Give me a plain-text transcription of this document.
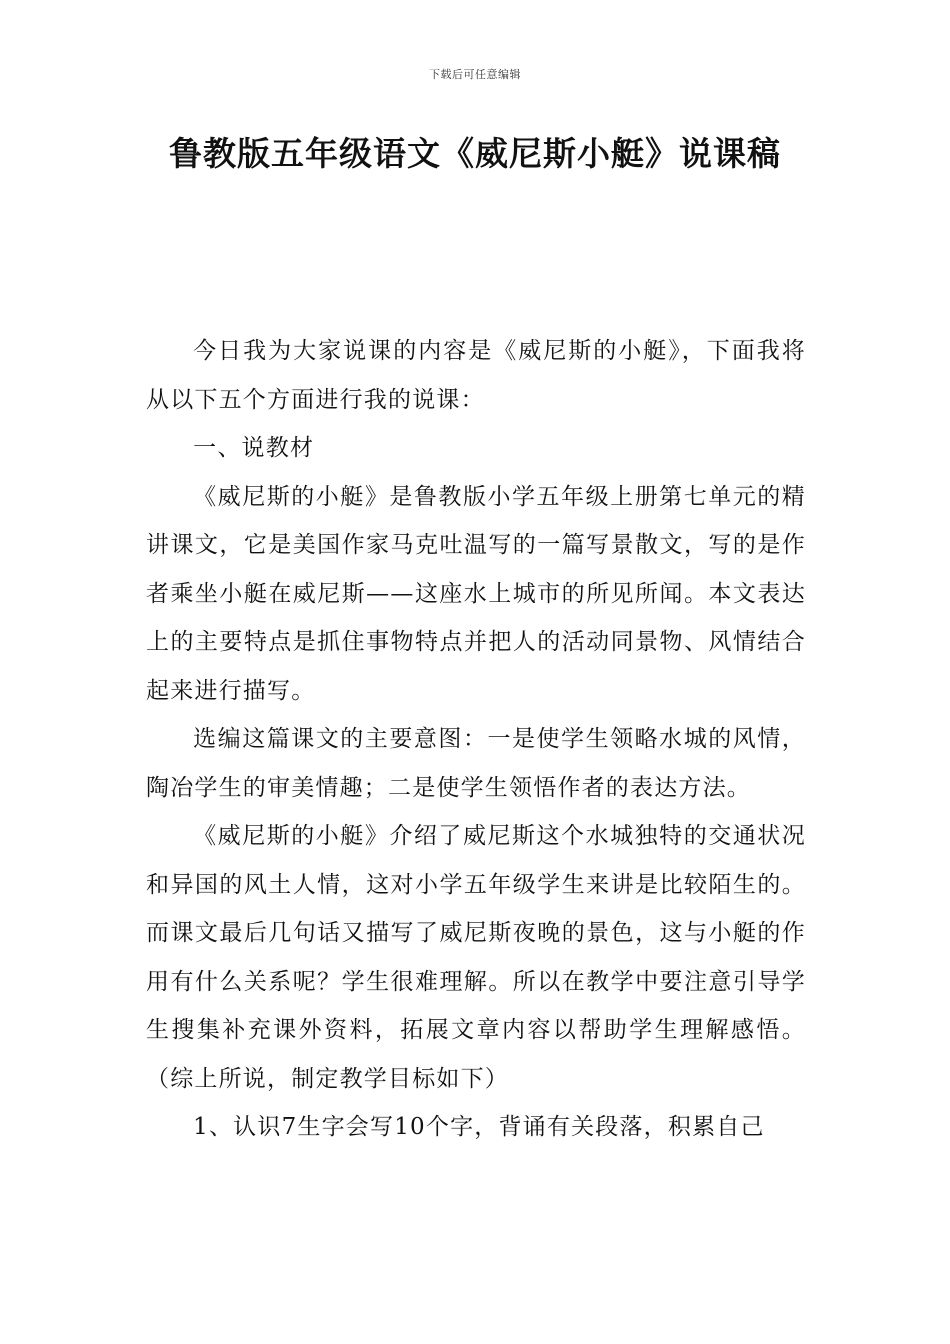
下载后可任意编辑
鲁教版五年级语文《威尼斯小艇》说课稿

今日我为大家说课的内容是《威尼斯的小艇》，下面我将从以下五个方面进行我的说课：

一、说教材

《威尼斯的小艇》是鲁教版小学五年级上册第七单元的精讲课文，它是美国作家马克吐温写的一篇写景散文，写的是作者乘坐小艇在威尼斯——这座水上城市的所见所闻。本文表达上的主要特点是抓住事物特点并把人的活动同景物、风情结合起来进行描写。

选编这篇课文的主要意图：一是使学生领略水城的风情，陶冶学生的审美情趣；二是使学生领悟作者的表达方法。

《威尼斯的小艇》介绍了威尼斯这个水城独特的交通状况和异国的风土人情，这对小学五年级学生来讲是比较陌生的。而课文最后几句话又描写了威尼斯夜晚的景色，这与小艇的作用有什么关系呢？学生很难理解。所以在教学中要注意引导学生搜集补充课外资料，拓展文章内容以帮助学生理解感悟。（综上所说，制定教学目标如下）

1、认识7生字会写10个字，背诵有关段落，积累自己
